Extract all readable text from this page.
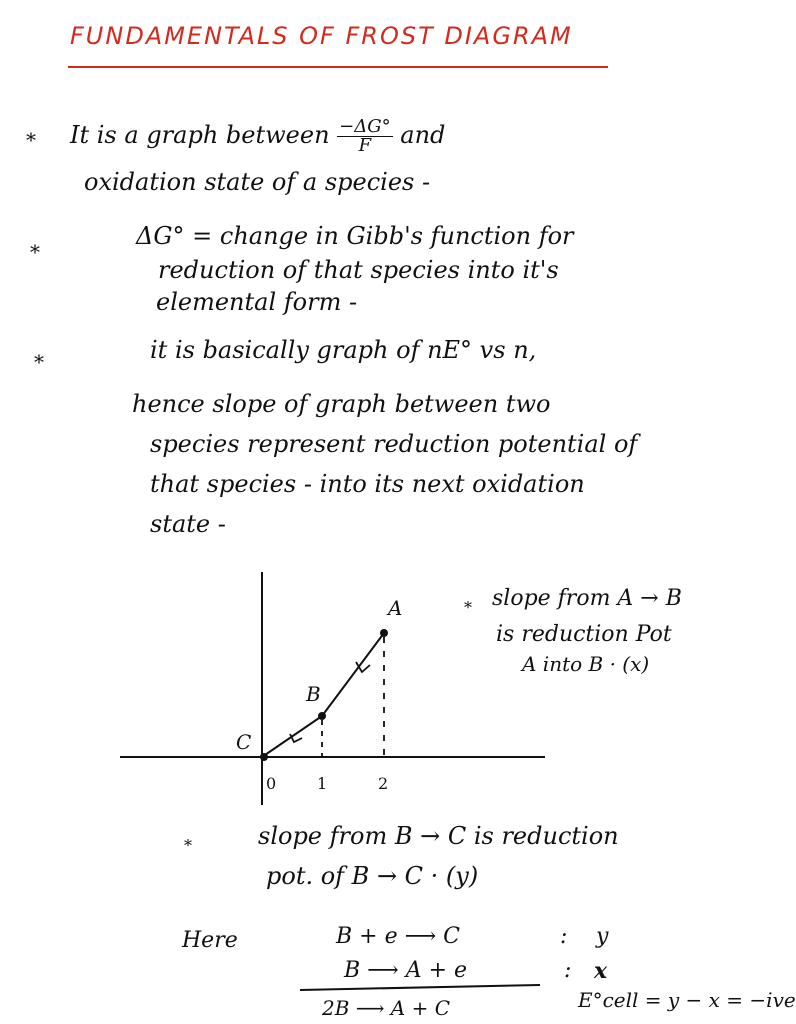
FUNDAMENTALS OF FROST DIAGRAM
* It is a graph between $\frac{-\Delta G^\circ}{F}$ and
oxidation state of a species -
*
ΔG° = change in Gibb's function for
reduction of that species into it's
elemental form -
*	it is basically graph of nE° vs n,
hence slope of graph between two
species represent reduction potential of
that species - into its next oxidation
state -
A
B
C
0	1	2
* slope from A → B
is reduction Pot
A into B · (x)
*	slope from B → C is reduction
pot. of B → C · (y)
Here	B + e ⟶ C	: y
B ⟶ A + e	: x
2B ⟶ A + C	E°cell = y − x = −ive
